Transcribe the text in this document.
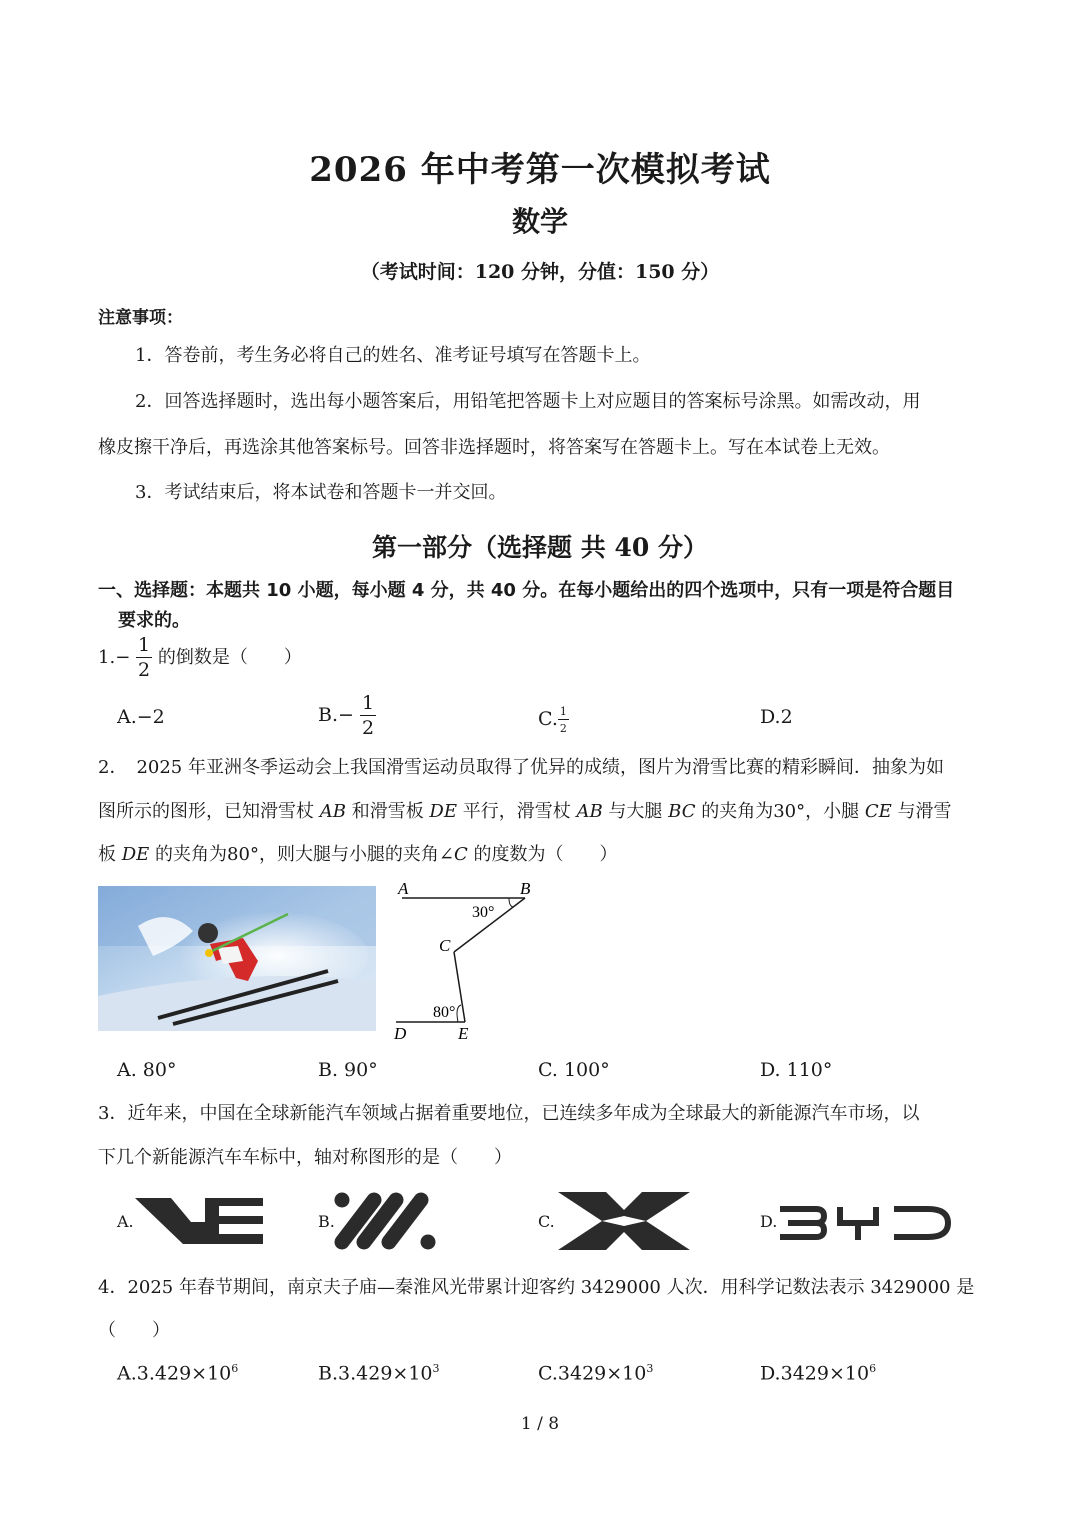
2026 年中考第一次模拟考试
数学
（考试时间：120 分钟，分值：150 分）
注意事项：
1．答卷前，考生务必将自己的姓名、准考证号填写在答题卡上。
2．回答选择题时，选出每小题答案后，用铅笔把答题卡上对应题目的答案标号涂黑。如需改动，用
橡皮擦干净后，再选涂其他答案标号。回答非选择题时，将答案写在答题卡上。写在本试卷上无效。
3．考试结束后，将本试卷和答题卡一并交回。
第一部分（选择题 共 40 分）
一、选择题：本题共 10 小题，每小题 4 分，共 40 分。在每小题给出的四个选项中，只有一项是符合题目
要求的。
$1.- \frac{1}{2}$ 的倒数是（　　）
A.−2	$B.- \frac{1}{2}$	C. $\frac{1}{2}$	D.2
2．　2025 年亚洲冬季运动会上我国滑雪运动员取得了优异的成绩，图片为滑雪比赛的精彩瞬间．抽象为如
图所示的图形，已知滑雪杖 AB 和滑雪板 DE 平行，滑雪杖 AB 与大腿 BC 的夹角为30°，小腿 CE 与滑雪
板 DE 的夹角为80°，则大腿与小腿的夹角∠C 的度数为（　　）
A	B
C
D	E
30°
80°
A. 80°	B. 90°	C. 100°	D. 110°
3．近年来，中国在全球新能汽车领域占据着重要地位，已连续多年成为全球最大的新能源汽车市场，以
下几个新能源汽车车标中，轴对称图形的是（　　）
A.	B.	C.	D.
4．2025 年春节期间，南京夫子庙—秦淮风光带累计迎客约 3429000 人次．用科学记数法表示 3429000 是
（　　）
$A.3.429\times 10^6$	$B.3.429\times 10^3$	$C.3429\times 10^3$	$D.3429\times 10^6$
1 / 8
